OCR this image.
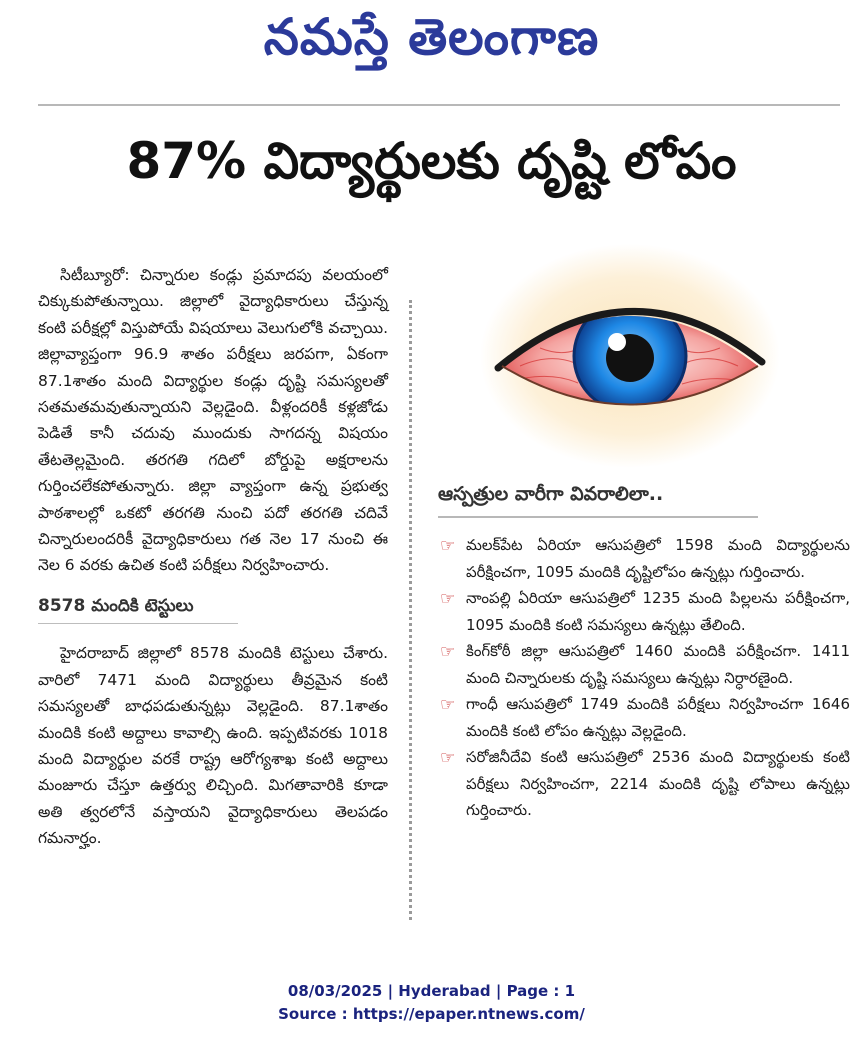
నమస్తే తెలంగాణ
87% విద్యార్థులకు దృష్టి లోపం

సిటీబ్యూరో: చిన్నారుల కండ్లు ప్రమాదపు వలయంలో చిక్కుకుపోతున్నాయి. జిల్లాలో వైద్యాధికారులు చేస్తున్న కంటి పరీక్షల్లో విస్తుపోయే విషయాలు వెలుగులోకి వచ్చాయి. జిల్లావ్యాప్తంగా 96.9 శాతం పరీక్షలు జరపగా, ఏకంగా 87.1శాతం మంది విద్యార్థుల కండ్లు దృష్టి సమస్యలతో సతమతమవుతున్నాయని వెల్లడైంది. వీళ్లందరికీ కళ్లజోడు పెడితే కానీ చదువు ముందుకు సాగదన్న విషయం తేటతెల్లమైంది. తరగతి గదిలో బోర్డుపై అక్షరాలను గుర్తించలేకపోతున్నారు. జిల్లా వ్యాప్తంగా ఉన్న ప్రభుత్వ పాఠశాలల్లో ఒకటో తరగతి నుంచి పదో తరగతి చదివే చిన్నారులందరికీ వైద్యాధికారులు గత నెల 17 నుంచి ఈ నెల 6 వరకు ఉచిత కంటి పరీక్షలు నిర్వహించారు.

8578 మందికి టెస్టులు

హైదరాబాద్ జిల్లాలో 8578 మందికి టెస్టులు చేశారు. వారిలో 7471 మంది విద్యార్థులు తీవ్రమైన కంటి సమస్యలతో బాధపడుతున్నట్లు వెల్లడైంది. 87.1శాతం మందికి కంటి అద్దాలు కావాల్సి ఉంది. ఇప్పటివరకు 1018 మంది విద్యార్థుల వరకే రాష్ట్ర ఆరోగ్యశాఖ కంటి అద్దాలు మంజూరు చేస్తూ ఉత్తర్వు లిచ్చింది. మిగతావారికి కూడా అతి త్వరలోనే వస్తాయని వైద్యాధికారులు తెలపడం గమనార్హం.

ఆస్పత్రుల వారీగా వివరాలిలా..
☞ మలక్‌పేట ఏరియా ఆసుపత్రిలో 1598 మంది విద్యార్థులను పరీక్షించగా, 1095 మందికి దృష్టిలోపం ఉన్నట్లు గుర్తించారు.
☞ నాంపల్లి ఏరియా ఆసుపత్రిలో 1235 మంది పిల్లలను పరీక్షించగా, 1095 మందికి కంటి సమస్యలు ఉన్నట్లు తేలింది.
☞ కింగ్‌కోఠీ జిల్లా ఆసుపత్రిలో 1460 మందికి పరీక్షించగా. 1411 మంది చిన్నారులకు దృష్టి సమస్యలు ఉన్నట్లు నిర్ధారణైంది.
☞ గాంధీ ఆసుపత్రిలో 1749 మందికి పరీక్షలు నిర్వహించగా 1646 మందికి కంటి లోపం ఉన్నట్లు వెల్లడైంది.
☞ సరోజినీదేవి కంటి ఆసుపత్రిలో 2536 మంది విద్యార్థులకు కంటి పరీక్షలు నిర్వహించగా, 2214 మందికి దృష్టి లోపాలు ఉన్నట్లు గుర్తించారు.
08/03/2025 | Hyderabad | Page : 1
Source : https://epaper.ntnews.com/
